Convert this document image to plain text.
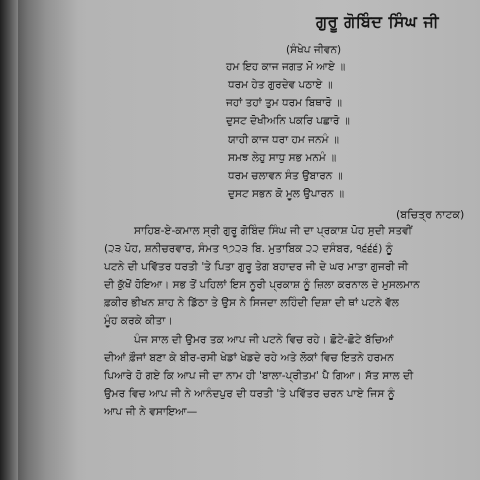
ਗੁਰੂ ਗੋਬਿੰਦ ਸਿੰਘ ਜੀ

(ਸੰਖੇਪ ਜੀਵਨ)

ਹਮ ਇਹ ਕਾਜ ਜਗਤ ਮੋ ਆਏ ॥

ਧਰਮ ਹੇਤ ਗੁਰਦੇਵ ਪਠਾਏ ॥

ਜਹਾਂ ਤਹਾਂ ਤੁਮ ਧਰਮ ਬਿਥਾਰੋ ॥

ਦੁਸਟ ਦੋਖੀਅਨਿ ਪਕਰਿ ਪਛਾਰੋ ॥

ਯਾਹੀ ਕਾਜ ਧਰਾ ਹਮ ਜਨਮੰ ॥

ਸਮਝ ਲੇਹੁ ਸਾਧੁ ਸਭ ਮਨਮੰ ॥

ਧਰਮ ਚਲਾਵਨ ਸੰਤ ਉਬਾਰਨ ॥

ਦੁਸਟ ਸਭਨ ਕੋ ਮੂਲ ਉਪਾਰਨ ॥

(ਬਚਿਤ੍ਰ ਨਾਟਕ)

ਸਾਹਿਬ-ਏ-ਕਮਾਲ ਸ੍ਰੀ ਗੁਰੂ ਗੋਬਿੰਦ ਸਿੰਘ ਜੀ ਦਾ ਪ੍ਰਕਾਸ਼ ਪੋਹ ਸੁਦੀ ਸਤਵੀਂ

(੨੩ ਪੋਹ, ਸ਼ਨੀਚਰਵਾਰ, ਸੰਮਤ ੧੭੨੩ ਬਿ. ਮੁਤਾਬਿਕ ੨੨ ਦਸੰਬਰ, ੧੬੬੬) ਨੂੰ

ਪਟਨੇ ਦੀ ਪਵਿੱਤਰ ਧਰਤੀ 'ਤੇ ਪਿਤਾ ਗੁਰੂ ਤੇਗ ਬਹਾਦਰ ਜੀ ਦੇ ਘਰ ਮਾਤਾ ਗੁਜਰੀ ਜੀ

ਦੀ ਕੁੱਖੋਂ ਹੋਇਆ। ਸਭ ਤੋਂ ਪਹਿਲਾਂ ਇਸ ਨੂਰੀ ਪ੍ਰਕਾਸ਼ ਨੂੰ ਜ਼ਿਲਾ ਕਰਨਾਲ ਦੇ ਮੁਸਲਮਾਨ

ਫ਼ਕੀਰ ਭੀਖਨ ਸ਼ਾਹ ਨੇ ਡਿੱਠਾ ਤੇ ਉਸ ਨੇ ਸਿਜਦਾ ਲਹਿੰਦੀ ਦਿਸ਼ਾ ਦੀ ਥਾਂ ਪਟਨੇ ਵੱਲ

ਮੂੰਹ ਕਰਕੇ ਕੀਤਾ।

ਪੰਜ ਸਾਲ ਦੀ ਉਮਰ ਤਕ ਆਪ ਜੀ ਪਟਨੇ ਵਿਚ ਰਹੇ। ਛੋਟੇ-ਛੋਟੇ ਬੱਚਿਆਂ

ਦੀਆਂ ਫ਼ੌਜਾਂ ਬਣਾ ਕੇ ਬੀਰ-ਰਸੀ ਖੇਡਾਂ ਖੇਡਦੇ ਰਹੇ ਅਤੇ ਲੋਕਾਂ ਵਿਚ ਇਤਨੇ ਹਰਮਨ

ਪਿਆਰੇ ਹੋ ਗਏ ਕਿ ਆਪ ਜੀ ਦਾ ਨਾਮ ਹੀ 'ਬਾਲਾ-ਪ੍ਰੀਤਮ' ਪੈ ਗਿਆ। ਸੱਤ ਸਾਲ ਦੀ

ਉਮਰ ਵਿਚ ਆਪ ਜੀ ਨੇ ਆਨੰਦਪੁਰ ਦੀ ਧਰਤੀ 'ਤੇ ਪਵਿੱਤਰ ਚਰਨ ਪਾਏ ਜਿਸ ਨੂੰ

ਆਪ ਜੀ ਨੇ ਵਸਾਇਆ—
